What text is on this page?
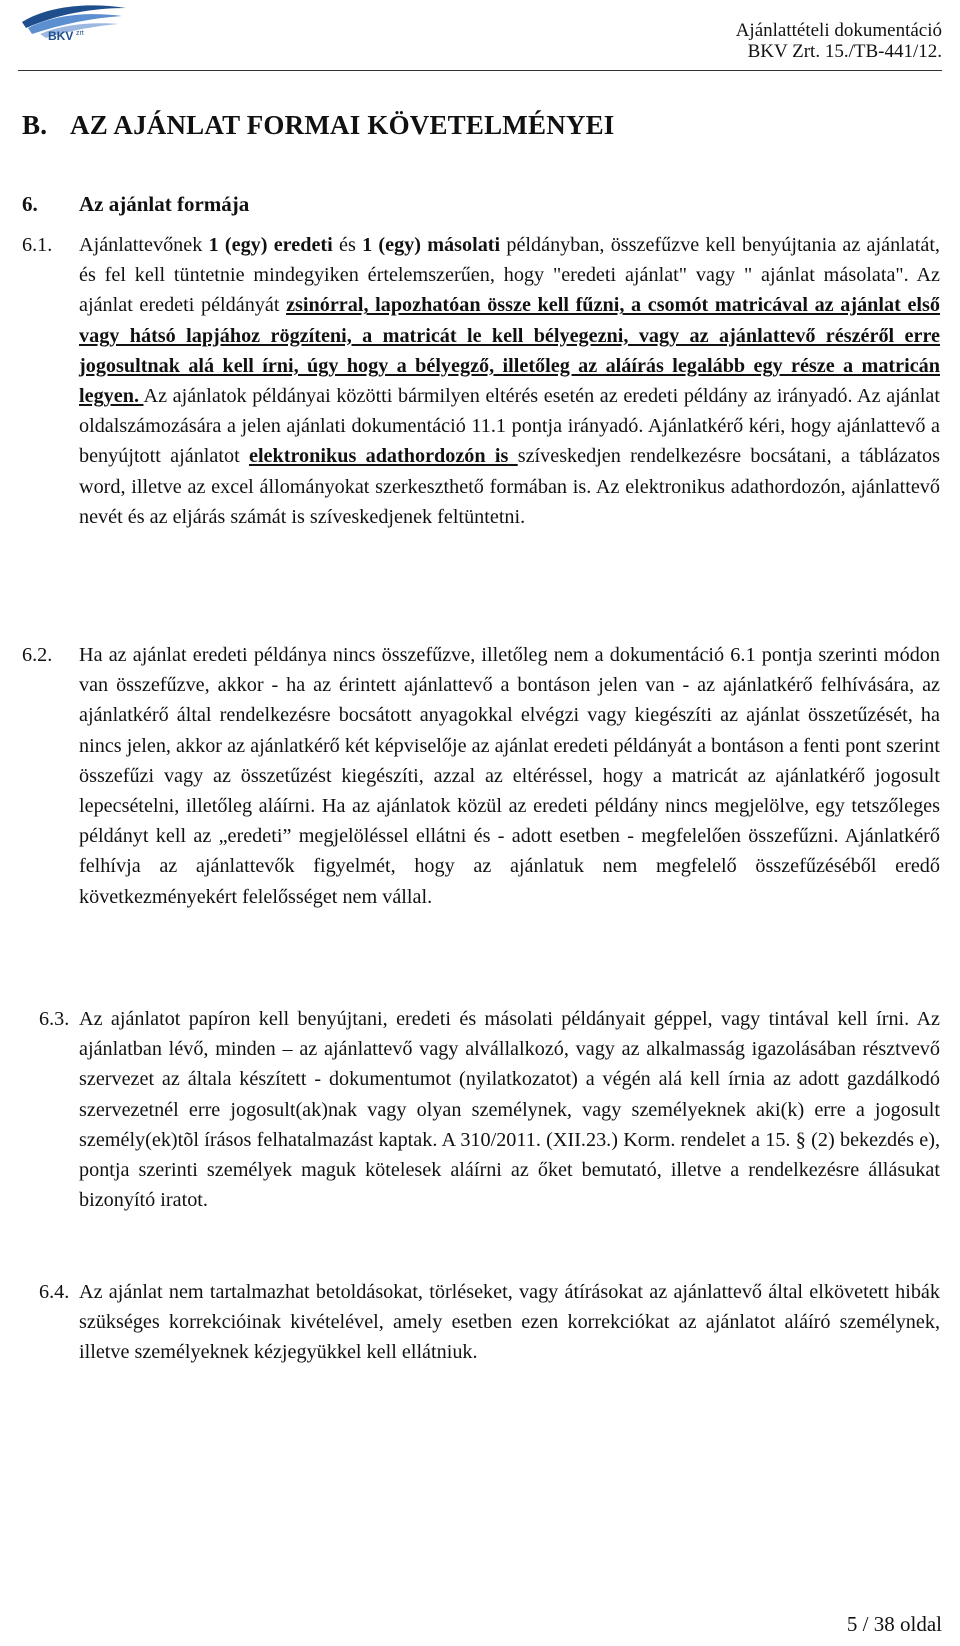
BKV zrt	Ajánlattételi dokumentáció
BKV Zrt. 15./TB-441/12.
B. AZ AJÁNLAT FORMAI KÖVETELMÉNYEI
6. Az ajánlat formája
6.1. Ajánlattevőnek 1 (egy) eredeti és 1 (egy) másolati példányban, összefűzve kell benyújtania az ajánlatát, és fel kell tüntetnie mindegyiken értelemszerűen, hogy "eredeti ajánlat" vagy " ajánlat másolata". Az ajánlat eredeti példányát zsinórral, lapozhatóan össze kell fűzni, a csomót matricával az ajánlat első vagy hátsó lapjához rögzíteni, a matricát le kell bélyegezni, vagy az ajánlattevő részéről erre jogosultnak alá kell írni, úgy hogy a bélyegző, illetőleg az aláírás legalább egy része a matricán legyen. Az ajánlatok példányai közötti bármilyen eltérés esetén az eredeti példány az irányadó. Az ajánlat oldalszámozására a jelen ajánlati dokumentáció 11.1 pontja irányadó. Ajánlatkérő kéri, hogy ajánlattevő a benyújtott ajánlatot elektronikus adathordozón is szíveskedjen rendelkezésre bocsátani, a táblázatos word, illetve az excel állományokat szerkeszthető formában is. Az elektronikus adathordozón, ajánlattevő nevét és az eljárás számát is szíveskedjenek feltüntetni.

6.2. Ha az ajánlat eredeti példánya nincs összefűzve, illetőleg nem a dokumentáció 6.1 pontja szerinti módon van összefűzve, akkor - ha az érintett ajánlattevő a bontáson jelen van - az ajánlatkérő felhívására, az ajánlatkérő által rendelkezésre bocsátott anyagokkal elvégzi vagy kiegészíti az ajánlat összetűzését, ha nincs jelen, akkor az ajánlatkérő két képviselője az ajánlat eredeti példányát a bontáson a fenti pont szerint összefűzi vagy az összetűzést kiegészíti, azzal az eltéréssel, hogy a matricát az ajánlatkérő jogosult lepecsételni, illetőleg aláírni. Ha az ajánlatok közül az eredeti példány nincs megjelölve, egy tetszőleges példányt kell az „eredeti” megjelöléssel ellátni és - adott esetben - megfelelően összefűzni. Ajánlatkérő felhívja az ajánlattevők figyelmét, hogy az ajánlatuk nem megfelelő összefűzéséből eredő következményekért felelősséget nem vállal.

6.3. Az ajánlatot papíron kell benyújtani, eredeti és másolati példányait géppel, vagy tintával kell írni. Az ajánlatban lévő, minden – az ajánlattevő vagy alvállalkozó, vagy az alkalmasság igazolásában résztvevő szervezet az általa készített - dokumentumot (nyilatkozatot) a végén alá kell írnia az adott gazdálkodó szervezetnél erre jogosult(ak)nak vagy olyan személynek, vagy személyeknek aki(k) erre a jogosult személy(ek)tõl írásos felhatalmazást kaptak. A 310/2011. (XII.23.) Korm. rendelet a 15. § (2) bekezdés e), pontja szerinti személyek maguk kötelesek aláírni az őket bemutató, illetve a rendelkezésre állásukat bizonyító iratot.

6.4. Az ajánlat nem tartalmazhat betoldásokat, törléseket, vagy átírásokat az ajánlattevő által elkövetett hibák szükséges korrekcióinak kivételével, amely esetben ezen korrekciókat az ajánlatot aláíró személynek, illetve személyeknek kézjegyükkel kell ellátniuk.

5 / 38 oldal
